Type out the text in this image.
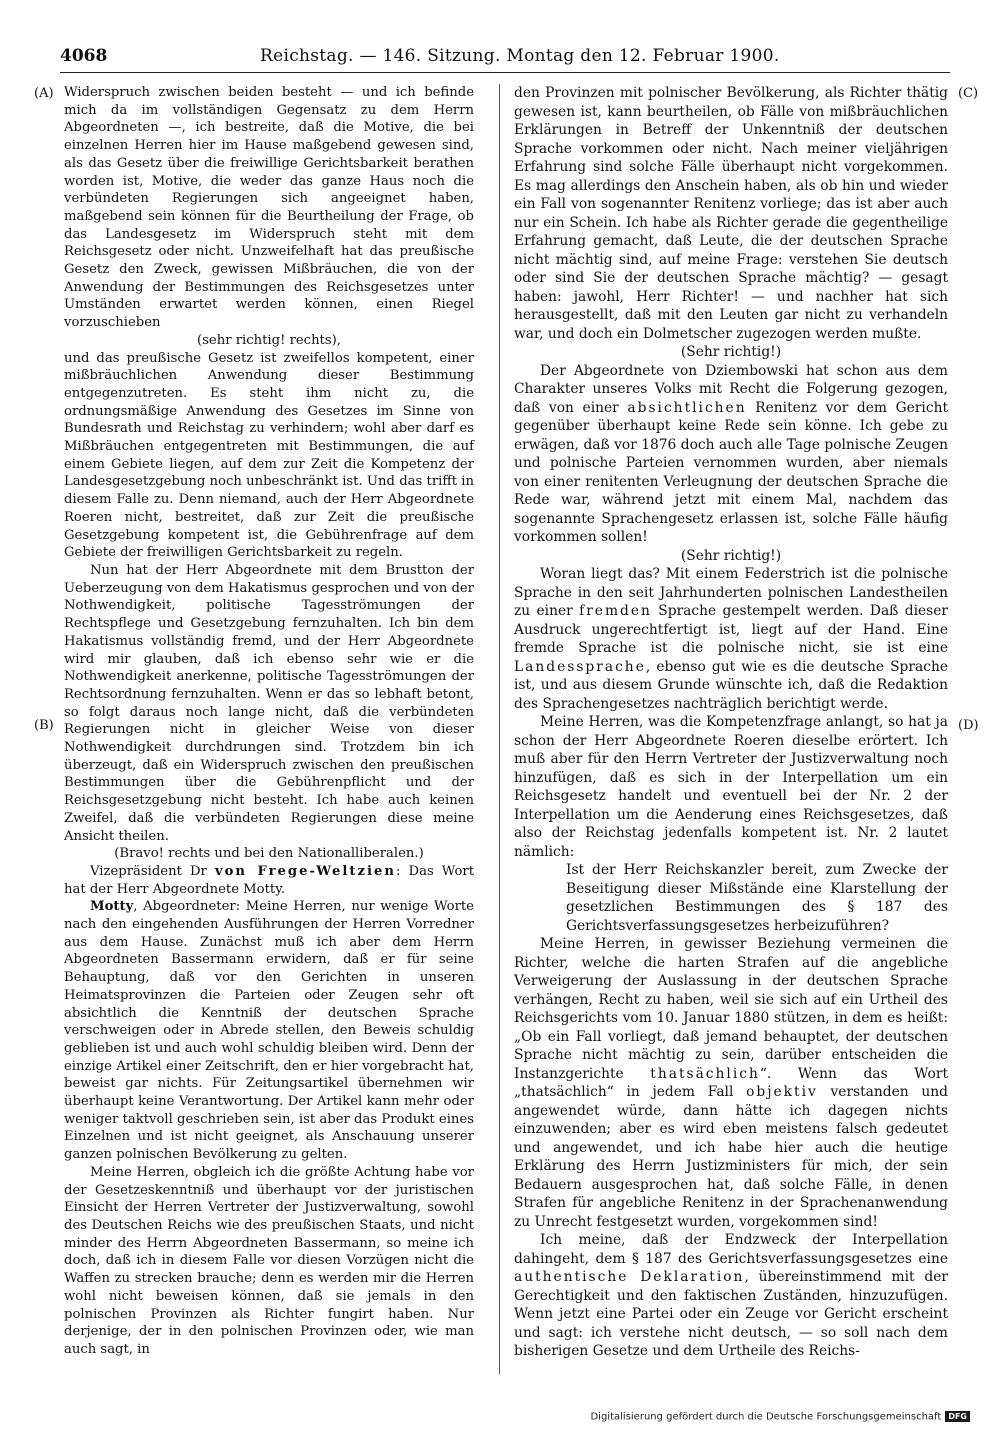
4068	Reichstag. — 146. Sitzung. Montag den 12. Februar 1900.
(A)
(B)
(C)
(D)

Widerspruch zwischen beiden besteht — und ich befinde mich da im vollständigen Gegensatz zu dem Herrn Abgeordneten —, ich bestreite, daß die Motive, die bei einzelnen Herren hier im Hause maßgebend gewesen sind, als das Gesetz über die freiwillige Gerichtsbarkeit berathen worden ist, Motive, die weder das ganze Haus noch die verbündeten Regierungen sich angeeignet haben, maßgebend sein können für die Beurtheilung der Frage, ob das Landesgesetz im Widerspruch steht mit dem Reichsgesetz oder nicht. Unzweifelhaft hat das preußische Gesetz den Zweck, gewissen Mißbräuchen, die von der Anwendung der Bestimmungen des Reichsgesetzes unter Umständen erwartet werden können, einen Riegel vorzuschieben

(sehr richtig! rechts),

und das preußische Gesetz ist zweifellos kompetent, einer mißbräuchlichen Anwendung dieser Bestimmung entgegenzutreten. Es steht ihm nicht zu, die ordnungsmäßige Anwendung des Gesetzes im Sinne von Bundesrath und Reichstag zu verhindern; wohl aber darf es Mißbräuchen entgegentreten mit Bestimmungen, die auf einem Gebiete liegen, auf dem zur Zeit die Kompetenz der Landesgesetzgebung noch unbeschränkt ist. Und das trifft in diesem Falle zu. Denn niemand, auch der Herr Abgeordnete Roeren nicht, bestreitet, daß zur Zeit die preußische Gesetzgebung kompetent ist, die Gebührenfrage auf dem Gebiete der freiwilligen Gerichtsbarkeit zu regeln.

Nun hat der Herr Abgeordnete mit dem Brustton der Ueberzeugung von dem Hakatismus gesprochen und von der Nothwendigkeit, politische Tagesströmungen der Rechtspflege und Gesetzgebung fernzuhalten. Ich bin dem Hakatismus vollständig fremd, und der Herr Abgeordnete wird mir glauben, daß ich ebenso sehr wie er die Nothwendigkeit anerkenne, politische Tagesströmungen der Rechtsordnung fernzuhalten. Wenn er das so lebhaft betont, so folgt daraus noch lange nicht, daß die verbündeten Regierungen nicht in gleicher Weise von dieser Nothwendigkeit durchdrungen sind. Trotzdem bin ich überzeugt, daß ein Widerspruch zwischen den preußischen Bestimmungen über die Gebührenpflicht und der Reichsgesetzgebung nicht besteht. Ich habe auch keinen Zweifel, daß die verbündeten Regierungen diese meine Ansicht theilen.

(Bravo! rechts und bei den Nationalliberalen.)

Vizepräsident Dr von Frege-Weltzien: Das Wort hat der Herr Abgeordnete Motty.

Motty, Abgeordneter: Meine Herren, nur wenige Worte nach den eingehenden Ausführungen der Herren Vorredner aus dem Hause. Zunächst muß ich aber dem Herrn Abgeordneten Bassermann erwidern, daß er für seine Behauptung, daß vor den Gerichten in unseren Heimatsprovinzen die Parteien oder Zeugen sehr oft absichtlich die Kenntniß der deutschen Sprache verschweigen oder in Abrede stellen, den Beweis schuldig geblieben ist und auch wohl schuldig bleiben wird. Denn der einzige Artikel einer Zeitschrift, den er hier vorgebracht hat, beweist gar nichts. Für Zeitungsartikel übernehmen wir überhaupt keine Verantwortung. Der Artikel kann mehr oder weniger taktvoll geschrieben sein, ist aber das Produkt eines Einzelnen und ist nicht geeignet, als Anschauung unserer ganzen polnischen Bevölkerung zu gelten.

Meine Herren, obgleich ich die größte Achtung habe vor der Gesetzeskenntniß und überhaupt vor der juristischen Einsicht der Herren Vertreter der Justizverwaltung, sowohl des Deutschen Reichs wie des preußischen Staats, und nicht minder des Herrn Abgeordneten Bassermann, so meine ich doch, daß ich in diesem Falle vor diesen Vorzügen nicht die Waffen zu strecken brauche; denn es werden mir die Herren wohl nicht beweisen können, daß sie jemals in den polnischen Provinzen als Richter fungirt haben. Nur derjenige, der in den polnischen Provinzen oder, wie man auch sagt, in

den Provinzen mit polnischer Bevölkerung, als Richter thätig gewesen ist, kann beurtheilen, ob Fälle von mißbräuchlichen Erklärungen in Betreff der Unkenntniß der deutschen Sprache vorkommen oder nicht. Nach meiner vieljährigen Erfahrung sind solche Fälle überhaupt nicht vorgekommen. Es mag allerdings den Anschein haben, als ob hin und wieder ein Fall von sogenannter Renitenz vorliege; das ist aber auch nur ein Schein. Ich habe als Richter gerade die gegentheilige Erfahrung gemacht, daß Leute, die der deutschen Sprache nicht mächtig sind, auf meine Frage: verstehen Sie deutsch oder sind Sie der deutschen Sprache mächtig? — gesagt haben: jawohl, Herr Richter! — und nachher hat sich herausgestellt, daß mit den Leuten gar nicht zu verhandeln war, und doch ein Dolmetscher zugezogen werden mußte.

(Sehr richtig!)

Der Abgeordnete von Dziembowski hat schon aus dem Charakter unseres Volks mit Recht die Folgerung gezogen, daß von einer absichtlichen Renitenz vor dem Gericht gegenüber überhaupt keine Rede sein könne. Ich gebe zu erwägen, daß vor 1876 doch auch alle Tage polnische Zeugen und polnische Parteien vernommen wurden, aber niemals von einer renitenten Verleugnung der deutschen Sprache die Rede war, während jetzt mit einem Mal, nachdem das sogenannte Sprachengesetz erlassen ist, solche Fälle häufig vorkommen sollen!

(Sehr richtig!)

Woran liegt das? Mit einem Federstrich ist die polnische Sprache in den seit Jahrhunderten polnischen Landestheilen zu einer fremden Sprache gestempelt werden. Daß dieser Ausdruck ungerechtfertigt ist, liegt auf der Hand. Eine fremde Sprache ist die polnische nicht, sie ist eine Landessprache, ebenso gut wie es die deutsche Sprache ist, und aus diesem Grunde wünschte ich, daß die Redaktion des Sprachengesetzes nachträglich berichtigt werde.

Meine Herren, was die Kompetenzfrage anlangt, so hat ja schon der Herr Abgeordnete Roeren dieselbe erörtert. Ich muß aber für den Herrn Vertreter der Justizverwaltung noch hinzufügen, daß es sich in der Interpellation um ein Reichsgesetz handelt und eventuell bei der Nr. 2 der Interpellation um die Aenderung eines Reichsgesetzes, daß also der Reichstag jedenfalls kompetent ist. Nr. 2 lautet nämlich:

Ist der Herr Reichskanzler bereit, zum Zwecke der Beseitigung dieser Mißstände eine Klarstellung der gesetzlichen Bestimmungen des § 187 des Gerichtsverfassungsgesetzes herbeizuführen?

Meine Herren, in gewisser Beziehung vermeinen die Richter, welche die harten Strafen auf die angebliche Verweigerung der Auslassung in der deutschen Sprache verhängen, Recht zu haben, weil sie sich auf ein Urtheil des Reichsgerichts vom 10. Januar 1880 stützen, in dem es heißt: „Ob ein Fall vorliegt, daß jemand behauptet, der deutschen Sprache nicht mächtig zu sein, darüber entscheiden die Instanzgerichte thatsächlich“. Wenn das Wort „thatsächlich“ in jedem Fall objektiv verstanden und angewendet würde, dann hätte ich dagegen nichts einzuwenden; aber es wird eben meistens falsch gedeutet und angewendet, und ich habe hier auch die heutige Erklärung des Herrn Justizministers für mich, der sein Bedauern ausgesprochen hat, daß solche Fälle, in denen Strafen für angebliche Renitenz in der Sprachenanwendung zu Unrecht festgesetzt wurden, vorgekommen sind!

Ich meine, daß der Endzweck der Interpellation dahingeht, dem § 187 des Gerichtsverfassungsgesetzes eine authentische Deklaration, übereinstimmend mit der Gerechtigkeit und den faktischen Zuständen, hinzuzufügen. Wenn jetzt eine Partei oder ein Zeuge vor Gericht erscheint und sagt: ich verstehe nicht deutsch, — so soll nach dem bisherigen Gesetze und dem Urtheile des Reichs-

Digitalisierung gefördert durch die Deutsche Forschungsgemeinschaft DFG
